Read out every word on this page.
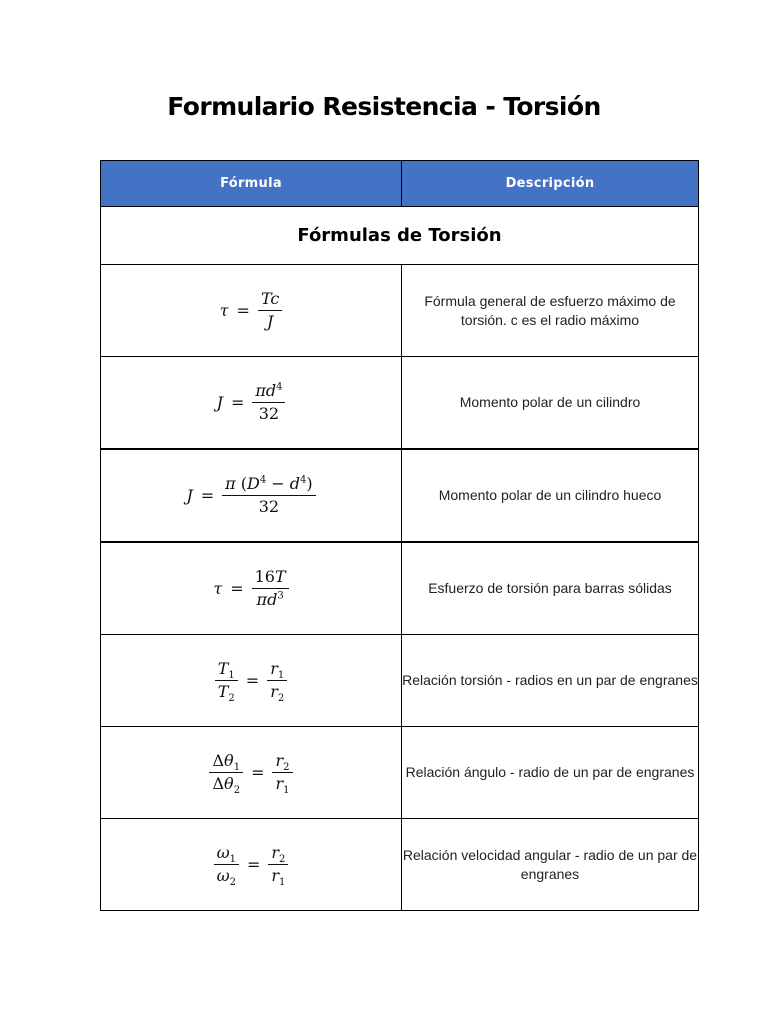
Formulario Resistencia - Torsión
Fórmula	Descripción
Fórmulas de Torsión	

$\tau = \frac{Tc}{J}$	Fórmula general de esfuerzo máximo de torsión. c es el radio máximo

$J = \frac{\pi d^4}{32}$	Momento polar de un cilindro

$J = \frac{\pi (D^4 - d^4)}{32}$	Momento polar de un cilindro hueco

$\tau = \frac{16T}{\pi d^3}$	Esfuerzo de torsión para barras sólidas

$\frac{T_1}{T_2} = \frac{r_1}{r_2}$	Relación torsión - radios en un par de engranes

$\frac{\Delta\theta_1}{\Delta\theta_2} = \frac{r_2}{r_1}$	Relación ángulo - radio de un par de engranes

$\frac{\omega_1}{\omega_2} = \frac{r_2}{r_1}$	Relación velocidad angular - radio de un par de engranes
